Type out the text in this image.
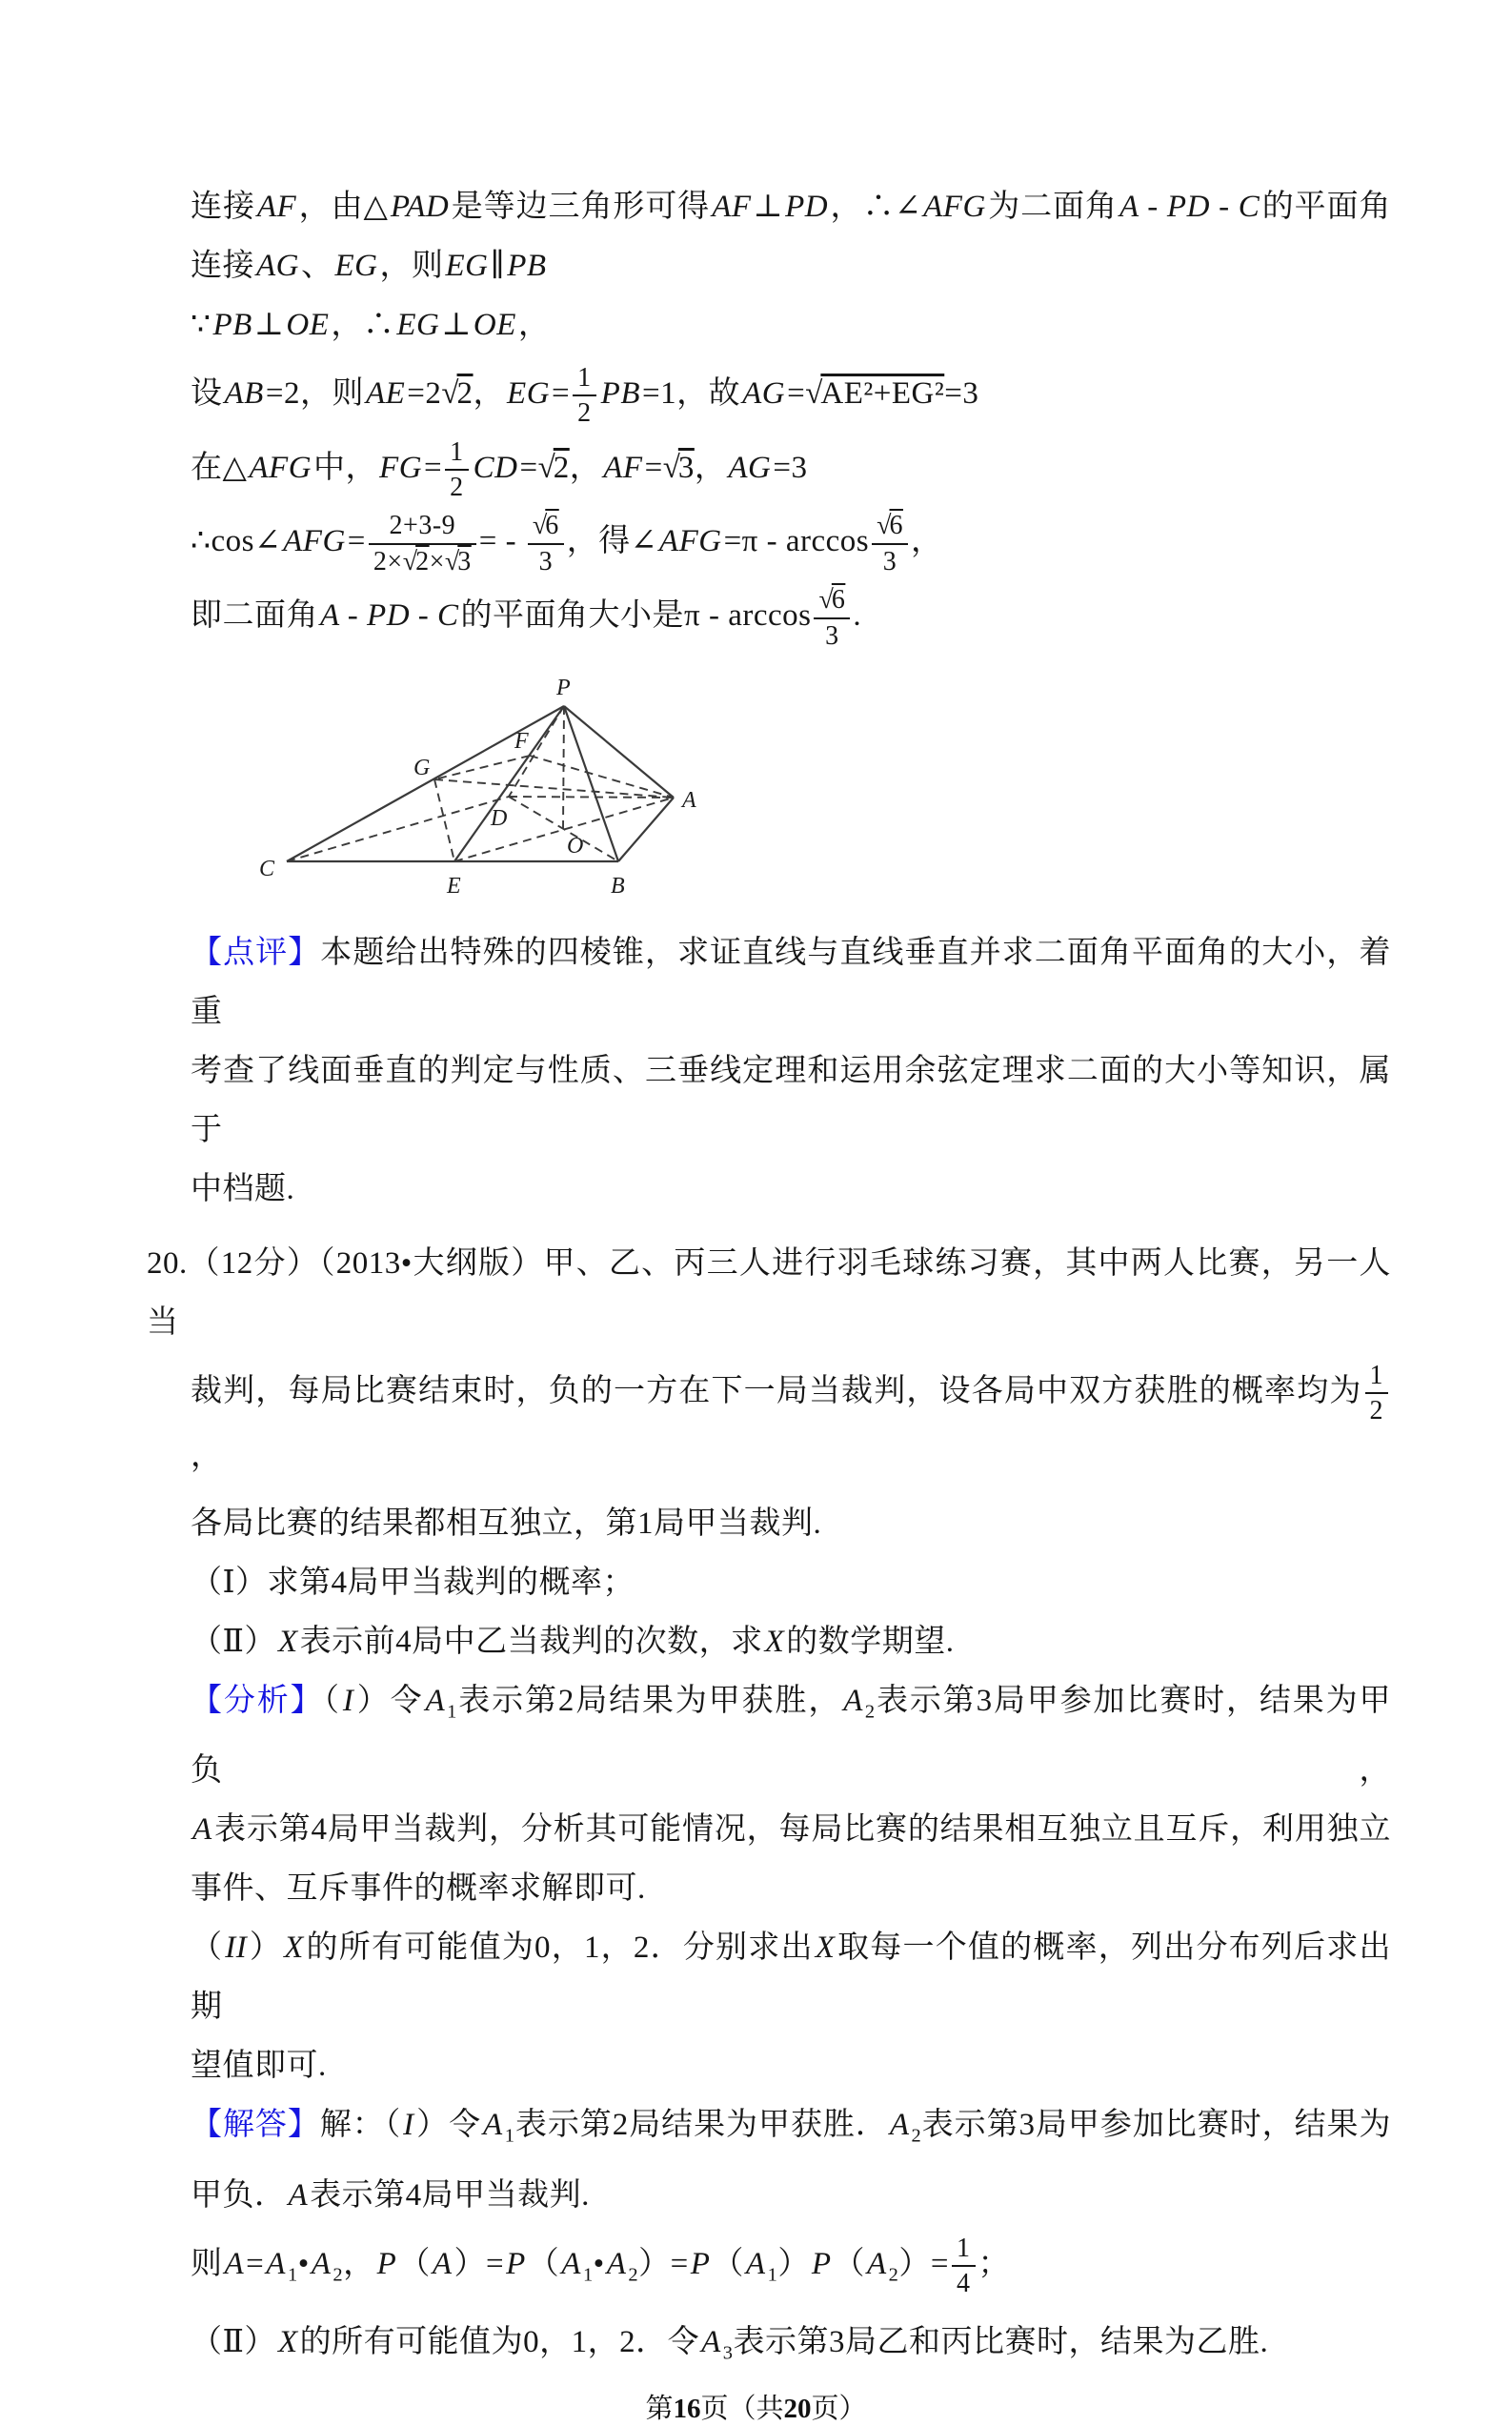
连接AF，由△PAD是等边三角形可得AF⊥PD，∴∠AFG为二面角A - PD - C的平面角
连接AG、EG，则EG∥PB
∵PB⊥OE，∴EG⊥OE，
设AB=2，则AE=2√2，$EG= \frac{1}{2} PB=1$，故AG=√AE²+EG²=3
在△AFG中，$FG= \frac{1}{2} CD=√2$，AF=√3，AG=3
∴cos∠AFG= $\frac{2+3-9}{2\times√2\times√3}$ = - $\frac{√6}{3}$ ，得∠AFG=π - $\arccos \frac{√6}{3}$ ，
即二面角A - PD - C的平面角大小是π - $\arccos \frac{√6}{3}$ .
P
G
F
A
D
O
C
E	B
【点评】本题给出特殊的四棱锥，求证直线与直线垂直并求二面角平面角的大小，着重
考查了线面垂直的判定与性质、三垂线定理和运用余弦定理求二面的大小等知识，属于
中档题.
20.（12分）（2013•大纲版）甲、乙、丙三人进行羽毛球练习赛，其中两人比赛，另一人当
裁判，每局比赛结束时，负的一方在下一局当裁判，设各局中双方获胜的概率均为 $\frac{1}{2}$
，
各局比赛的结果都相互独立，第1局甲当裁判.
（Ⅰ）求第4局甲当裁判的概率；
（Ⅱ）X表示前4局中乙当裁判的次数，求X的数学期望.
【分析】（I）令$A_1$表示第2局结果为甲获胜，$A_2$表示第3局甲参加比赛时，结果为甲负，
A表示第4局甲当裁判，分析其可能情况，每局比赛的结果相互独立且互斥，利用独立
事件、互斥事件的概率求解即可.
（II）X的所有可能值为0，1，2．分别求出X取每一个值的概率，列出分布列后求出期
望值即可.
【解答】解：（I）令$A_1$表示第2局结果为甲获胜．$A_2$表示第3局甲参加比赛时，结果为
甲负．A表示第4局甲当裁判.
则$A=A_1•A_2$，$P(A)=P(A_1•A_2)=P(A_1)P(A_2)= \frac{1}{4}$ ；
（Ⅱ）X的所有可能值为0，1，2．令$A_3$表示第3局乙和丙比赛时，结果为乙胜.
第16页（共20页）
